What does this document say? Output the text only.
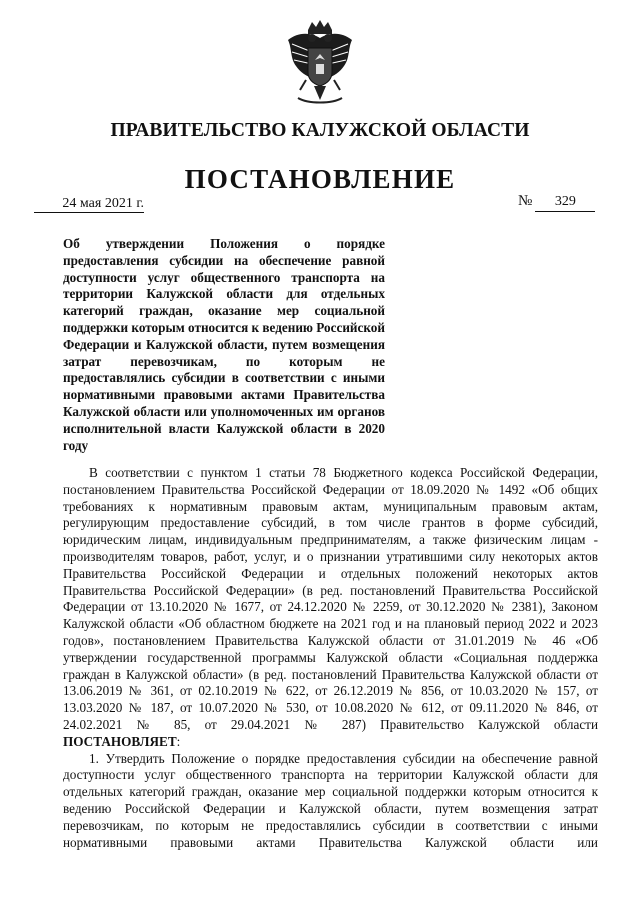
ПРАВИТЕЛЬСТВО КАЛУЖСКОЙ ОБЛАСТИ
ПОСТАНОВЛЕНИЕ
24 мая 2021 г.	№ 329
Об утверждении Положения о порядке предоставления субсидии на обеспечение равной доступности услуг общественного транспорта на территории Калужской области для отдельных категорий граждан, оказание мер социальной поддержки которым относится к ведению Российской Федерации и Калужской области, путем возмещения затрат перевозчикам, по которым не предоставлялись субсидии в соответствии с иными нормативными правовыми актами Правительства Калужской области или уполномоченных им органов исполнительной власти Калужской области в 2020 году

В соответствии с пунктом 1 статьи 78 Бюджетного кодекса Российской Федерации, постановлением Правительства Российской Федерации от 18.09.2020 № 1492 «Об общих требованиях к нормативным правовым актам, муниципальным правовым актам, регулирующим предоставление субсидий, в том числе грантов в форме субсидий, юридическим лицам, индивидуальным предпринимателям, а также физическим лицам - производителям товаров, работ, услуг, и о признании утратившими силу некоторых актов Правительства Российской Федерации и отдельных положений некоторых актов Правительства Российской Федерации» (в ред. постановлений Правительства Российской Федерации от 13.10.2020 № 1677, от 24.12.2020 № 2259, от 30.12.2020 № 2381), Законом Калужской области «Об областном бюджете на 2021 год и на плановый период 2022 и 2023 годов», постановлением Правительства Калужской области от 31.01.2019 № 46 «Об утверждении государственной программы Калужской области «Социальная поддержка граждан в Калужской области» (в ред. постановлений Правительства Калужской области от 13.06.2019 № 361, от 02.10.2019 № 622, от 26.12.2019 № 856, от 10.03.2020 № 157, от 13.03.2020 № 187, от 10.07.2020 № 530, от 10.08.2020 № 612, от 09.11.2020 № 846, от 24.02.2021 № 85, от 29.04.2021 № 287) Правительство Калужской области ПОСТАНОВЛЯЕТ:

1. Утвердить Положение о порядке предоставления субсидии на обеспечение равной доступности услуг общественного транспорта на территории Калужской области для отдельных категорий граждан, оказание мер социальной поддержки которым относится к ведению Российской Федерации и Калужской области, путем возмещения затрат перевозчикам, по которым не предоставлялись субсидии в соответствии с иными нормативными правовыми актами Правительства Калужской области или
